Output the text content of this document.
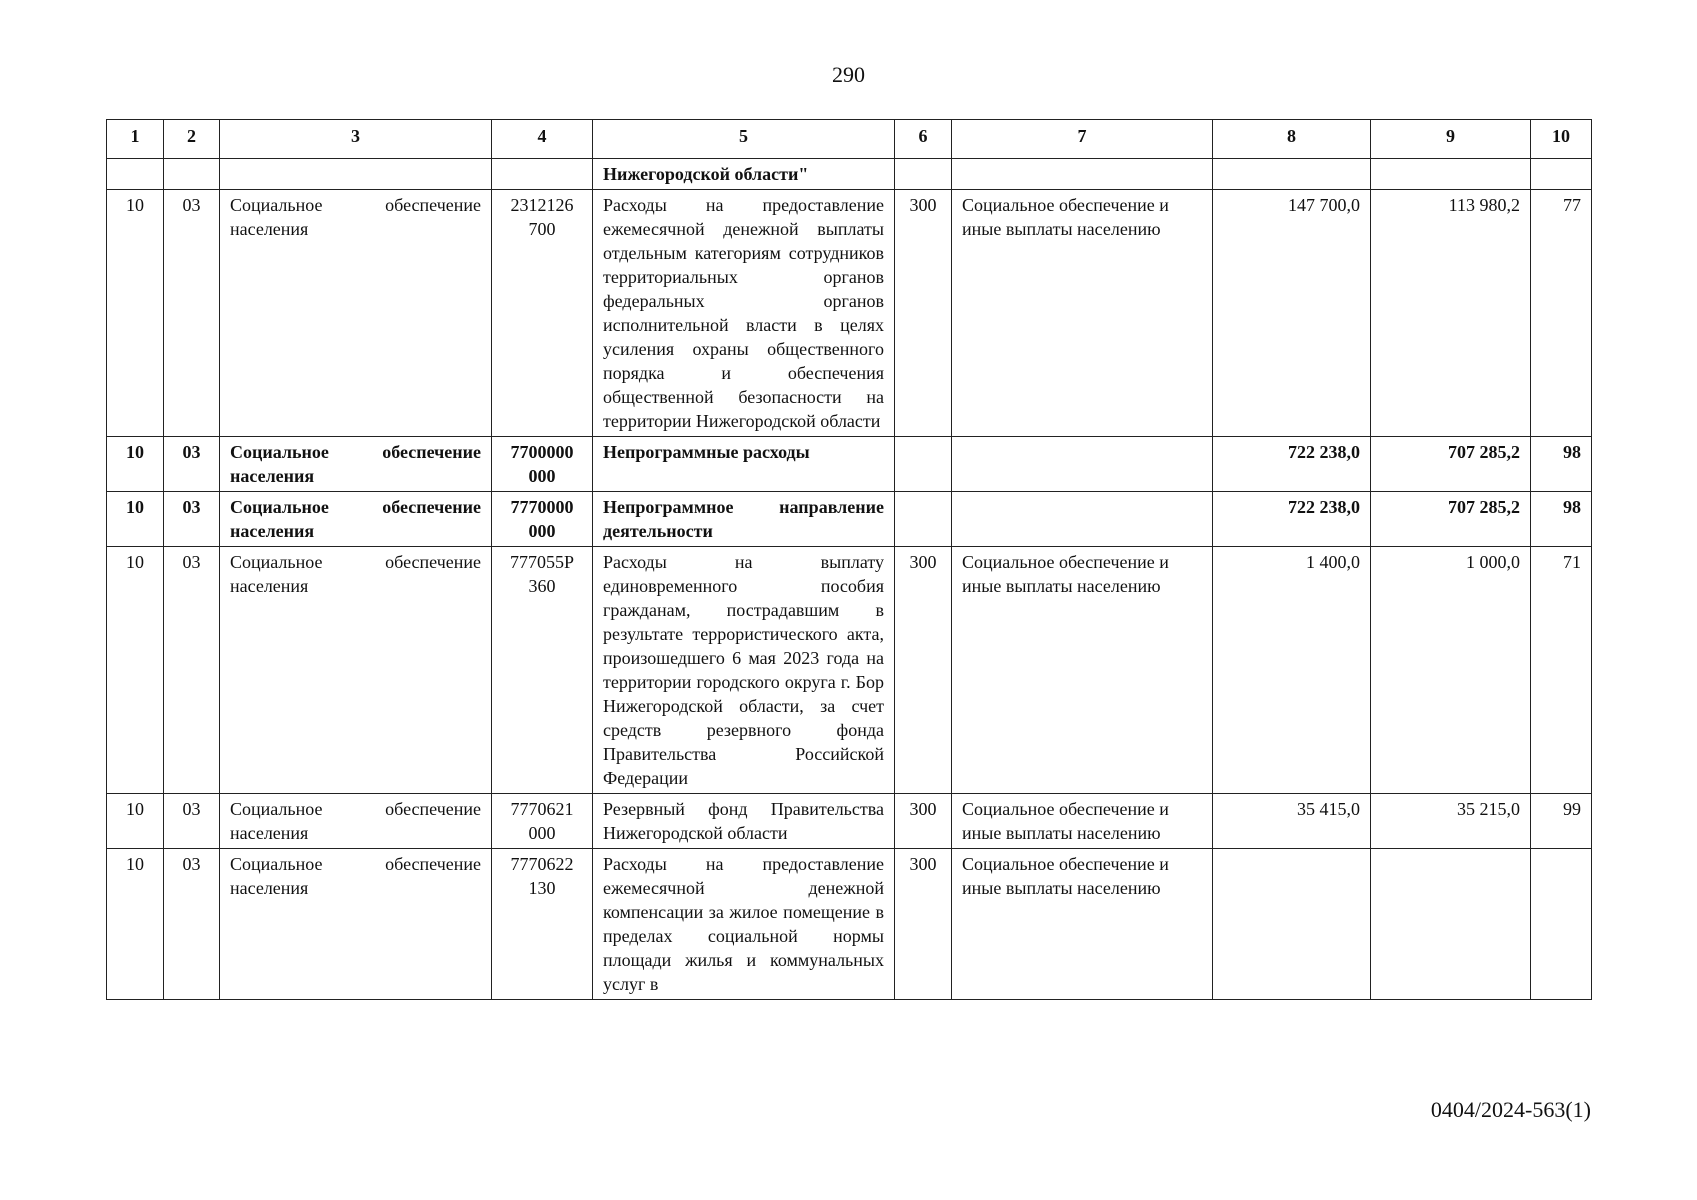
290
1	2	3	4	5	6	7	8	9	10
				Нижегородской области"					
10	03	Социальное обеспечение населения	2312126 700	Расходы на предоставление ежемесячной денежной выплаты отдельным категориям сотрудников территориальных органов федеральных органов исполнительной власти в целях усиления охраны общественного порядка и обеспечения общественной безопасности на территории Нижегородской области	300	Социальное обеспечение и иные выплаты населению	147 700,0	113 980,2	77
10	03	Социальное обеспечение населения	7700000 000	Непрограммные расходы			722 238,0	707 285,2	98
10	03	Социальное обеспечение населения	7770000 000	Непрограммное направление деятельности			722 238,0	707 285,2	98
10	03	Социальное обеспечение населения	777055P 360	Расходы на выплату единовременного пособия гражданам, пострадавшим в результате террористического акта, произошедшего 6 мая 2023 года на территории городского округа г. Бор Нижегородской области, за счет средств резервного фонда Правительства Российской Федерации	300	Социальное обеспечение и иные выплаты населению	1 400,0	1 000,0	71
10	03	Социальное обеспечение населения	7770621 000	Резервный фонд Правительства Нижегородской области	300	Социальное обеспечение и иные выплаты населению	35 415,0	35 215,0	99
10	03	Социальное обеспечение населения	7770622 130	Расходы на предоставление ежемесячной денежной компенсации за жилое помещение в пределах социальной нормы площади жилья и коммунальных услуг в	300	Социальное обеспечение и иные выплаты населению			
0404/2024-563(1)
